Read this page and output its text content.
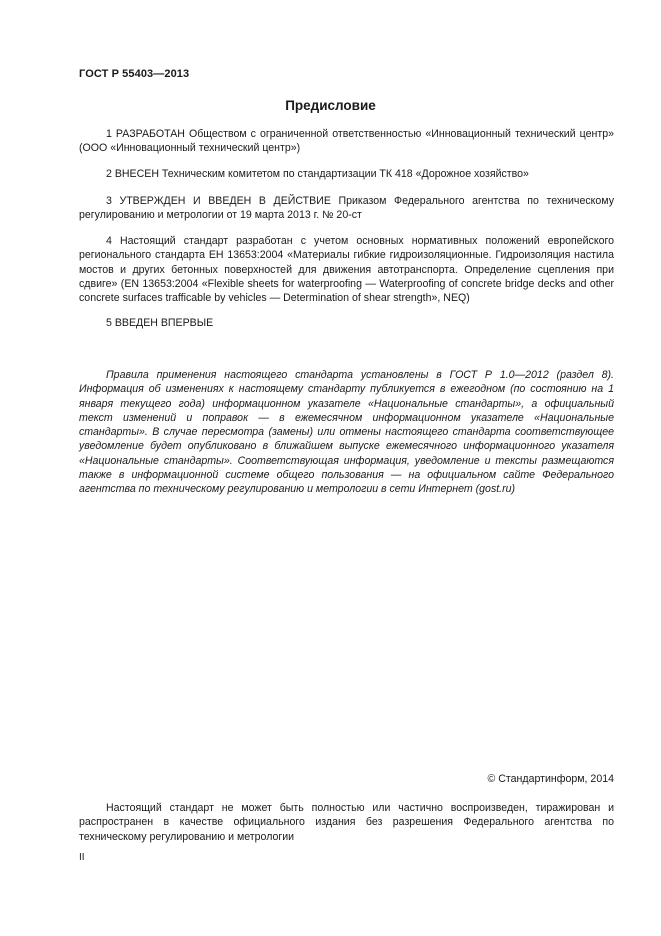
ГОСТ Р 55403—2013
Предисловие

1 РАЗРАБОТАН Обществом с ограниченной ответственностью «Инновационный технический центр» (ООО «Инновационный технический центр»)

2 ВНЕСЕН Техническим комитетом по стандартизации ТК 418 «Дорожное хозяйство»

3 УТВЕРЖДЕН И ВВЕДЕН В ДЕЙСТВИЕ Приказом Федерального агентства по техническому регулированию и метрологии от 19 марта 2013 г. № 20-ст

4 Настоящий стандарт разработан с учетом основных нормативных положений европейского регионального стандарта ЕН 13653:2004 «Материалы гибкие гидроизоляционные. Гидроизоляция настила мостов и других бетонных поверхностей для движения автотранспорта. Определение сцепления при сдвиге» (EN 13653:2004 «Flexible sheets for waterproofing — Waterproofing of concrete bridge decks and other concrete surfaces trafficable by vehicles — Determination of shear strength», NEQ)

5 ВВЕДЕН ВПЕРВЫЕ

Правила применения настоящего стандарта установлены в ГОСТ Р 1.0—2012 (раздел 8). Информация об изменениях к настоящему стандарту публикуется в ежегодном (по состоянию на 1 января текущего года) информационном указателе «Национальные стандарты», а официальный текст изменений и поправок — в ежемесячном информационном указателе «Национальные стандарты». В случае пересмотра (замены) или отмены настоящего стандарта соответствующее уведомление будет опубликовано в ближайшем выпуске ежемесячного информационного указателя «Национальные стандарты». Соответствующая информация, уведомление и тексты размещаются также в информационной системе общего пользования — на официальном сайте Федерального агентства по техническому регулированию и метрологии в сети Интернет (gost.ru)

© Стандартинформ, 2014

Настоящий стандарт не может быть полностью или частично воспроизведен, тиражирован и распространен в качестве официального издания без разрешения Федерального агентства по техническому регулированию и метрологии

II
